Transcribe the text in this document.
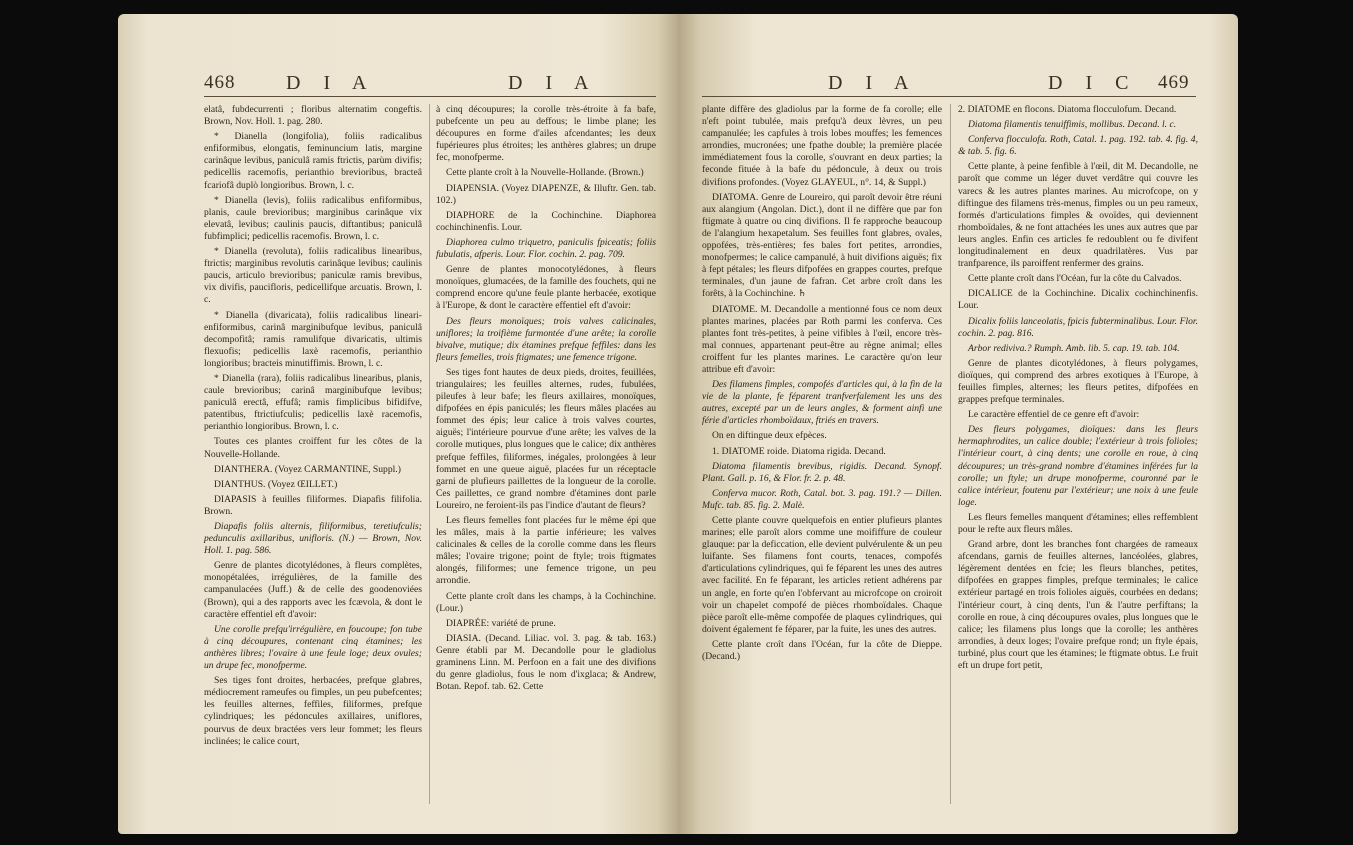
468	D I A	D I A

elatâ, fubdecurrenti ; floribus alternatim congeftis. Brown, Nov. Holl. 1. pag. 280.

* Dianella (longifolia), foliis radicalibus enfiformibus, elongatis, feminuncium latis, margine carinâque levibus, paniculâ ramis ftrictis, parùm divifis; pedicellis racemofis, perianthio brevioribus, bracteâ fcariofâ duplò longioribus. Brown, l. c.

* Dianella (levis), foliis radicalibus enfiformibus, planis, caule brevioribus; marginibus carinâque vix elevatâ, levibus; caulinis paucis, diftantibus; paniculâ fubfimplici; pedicellis racemofis. Brown, l. c.

* Dianella (revoluta), foliis radicalibus linearibus, ftrictis; marginibus revolutis carinâque levibus; caulinis paucis, articulo brevioribus; paniculæ ramis brevibus, vix divifis, paucifloris, pedicellifque arcuatis. Brown, l. c.

* Dianella (divaricata), foliis radicalibus lineari-enfiformibus, carinâ marginibufque levibus, paniculâ decompofitâ; ramis ramulifque divaricatis, ultimis flexuofis; pedicellis laxè racemofis, perianthio longioribus; bracteis minutiffimis. Brown, l. c.

* Dianella (rara), foliis radicalibus linearibus, planis, caule brevioribus; carinâ marginibufque levibus; paniculâ erectâ, effufâ; ramis fimplicibus bifidifve, patentibus, ftrictiufculis; pedicellis laxè racemofis, perianthio longioribus. Brown, l. c.

Toutes ces plantes croiffent fur les côtes de la Nouvelle-Hollande.

DIANTHERA. (Voyez CARMANTINE, Suppl.)

DIANTHUS. (Voyez ŒILLET.)

DIAPASIS à feuilles filiformes. Diapafis filifolia. Brown.

Diapafis foliis alternis, filiformibus, teretiufculis; pedunculis axillaribus, unifloris. (N.) — Brown, Nov. Holl. 1. pag. 586.

Genre de plantes dicotylédones, à fleurs complètes, monopétalées, irrégulières, de la famille des campanulacées (Juff.) & de celle des goodenoviées (Brown), qui a des rapports avec les fcævola, & dont le caractère effentiel eft d'avoir:

Une corolle prefqu'irrégulière, en foucoupe; fon tube à cinq découpures, contenant cinq étamines; les anthères libres; l'ovaire à une feule loge; deux ovules; un drupe fec, monofperme.

Ses tiges font droites, herbacées, prefque glabres, médiocrement rameufes ou fimples, un peu pubefcentes; les feuilles alternes, feffiles, filiformes, prefque cylindriques; les pédoncules axillaires, uniflores, pourvus de deux bractées vers leur fommet; les fleurs inclinées; le calice court,

à cinq découpures; la corolle très-étroite à fa bafe, pubefcente un peu au deffous; le limbe plane; les découpures en forme d'ailes afcendantes; les deux fupérieures plus étroites; les anthères glabres; un drupe fec, monofperme.

Cette plante croît à la Nouvelle-Hollande. (Brown.)

DIAPENSIA. (Voyez DIAPENZE, & Illuftr. Gen. tab. 102.)

DIAPHORE de la Cochinchine. Diaphorea cochinchinenfis. Lour.

Diaphorea culmo triquetro, paniculis fpiceatis; foliis fubulatis, afperis. Lour. Flor. cochin. 2. pag. 709.

Genre de plantes monocotylédones, à fleurs monoïques, glumacées, de la famille des fouchets, qui ne comprend encore qu'une feule plante herbacée, exotique à l'Europe, & dont le caractère effentiel eft d'avoir:

Des fleurs monoïques; trois valves calicinales, uniflores; la troifième furmontée d'une arête; la corolle bivalve, mutique; dix étamines prefque feffiles: dans les fleurs femelles, trois ftigmates; une femence trigone.

Ses tiges font hautes de deux pieds, droites, feuillées, triangulaires; les feuilles alternes, rudes, fubulées, pileufes à leur bafe; les fleurs axillaires, monoïques, difpofées en épis paniculés; les fleurs mâles placées au fommet des épis; leur calice à trois valves courtes, aiguës; l'intérieure pourvue d'une arête; les valves de la corolle mutiques, plus longues que le calice; dix anthères prefque feffiles, filiformes, inégales, prolongées à leur fommet en une queue aiguë, placées fur un réceptacle garni de plufieurs paillettes de la longueur de la corolle. Ces paillettes, ce grand nombre d'étamines dont parle Loureiro, ne feroient-ils pas l'indice d'autant de fleurs?

Les fleurs femelles font placées fur le même épi que les mâles, mais à la partie inférieure; les valves calicinales & celles de la corolle comme dans les fleurs mâles; l'ovaire trigone; point de ftyle; trois ftigmates alongés, filiformes; une femence trigone, un peu arrondie.

Cette plante croît dans les champs, à la Cochinchine. (Lour.)

DIAPRÉE: variété de prune.

DIASIA. (Decand. Liliac. vol. 3. pag. & tab. 163.) Genre établi par M. Decandolle pour le gladiolus graminens Linn. M. Perfoon en a fait une des divifions du genre gladiolus, fous le nom d'ixglaca; & Andrew, Botan. Repof. tab. 62. Cette

D I A	D I C 469

plante diffère des gladiolus par la forme de fa corolle; elle n'eft point tubulée, mais prefqu'à deux lèvres, un peu campanulée; les capfules à trois lobes mouffes; les femences arrondies, mucronées; une fpathe double; la première placée immédiatement fous la corolle, s'ouvrant en deux parties; la feconde fituée à la bafe du pédoncule, à deux ou trois divifions profondes. (Voyez GLAYEUL, n°. 14, & Suppl.)

DIATOMA. Genre de Loureiro, qui paroît devoir être réuni aux alangium (Angolan. Dict.), dont il ne diffère que par fon ftigmate à quatre ou cinq divifions. Il fe rapproche beaucoup de l'alangium hexapetalum. Ses feuilles font glabres, ovales, oppofées, très-entières; fes bales fort petites, arrondies, monofpermes; le calice campanulé, à huit divifions aiguës; fix à fept pétales; les fleurs difpofées en grappes courtes, prefque terminales, d'un jaune de fafran. Cet arbre croît dans les forêts, à la Cochinchine. ♄

DIATOME. M. Decandolle a mentionné fous ce nom deux plantes marines, placées par Roth parmi les conferva. Ces plantes font très-petites, à peine vifibles à l'œil, encore très-mal connues, appartenant peut-être au règne animal; elles croiffent fur les plantes marines. Le caractère qu'on leur attribue eft d'avoir:

Des filamens fimples, compofés d'articles qui, à la fin de la vie de la plante, fe féparent tranfverfalement les uns des autres, excepté par un de leurs angles, & forment ainfi une férie d'articles rhomboïdaux, ftriés en travers.

On en diftingue deux efpèces.

1. DIATOME roide. Diatoma rigida. Decand.

Diatoma filamentis brevibus, rigidis. Decand. Synopf. Plant. Gall. p. 16, & Flor. fr. 2. p. 48.

Conferva mucor. Roth, Catal. bot. 3. pag. 191.? — Dillen. Mufc. tab. 85. fig. 2. Malè.

Cette plante couvre quelquefois en entier plufieurs plantes marines; elle paroît alors comme une moififfure de couleur glauque: par la deficcation, elle devient pulvérulente & un peu luifante. Ses filamens font courts, tenaces, compofés d'articulations cylindriques, qui fe féparent les unes des autres avec facilité. En fe féparant, les articles retient adhérens par un angle, en forte qu'en l'obfervant au microfcope on croiroit voir un chapelet compofé de pièces rhomboïdales. Chaque pièce paroît elle-même compofée de plaques cylindriques, qui doivent également fe féparer, par la fuite, les unes des autres.

Cette plante croît dans l'Océan, fur la côte de Dieppe. (Decand.)

2. DIATOME en flocons. Diatoma flocculofum. Decand.

Diatoma filamentis tenuiffimis, mollibus. Decand. l. c.

Conferva flocculofa. Roth, Catal. 1. pag. 192. tab. 4. fig. 4, & tab. 5. fig. 6.

Cette plante, à peine fenfible à l'œil, dit M. Decandolle, ne paroît que comme un léger duvet verdâtre qui couvre les varecs & les autres plantes marines. Au microfcope, on y diftingue des filamens très-menus, fimples ou un peu rameux, formés d'articulations fimples & ovoïdes, qui deviennent rhomboïdales, & ne font attachées les unes aux autres que par leurs angles. Enfin ces articles fe redoublent ou fe divifent longitudinalement en deux quadrilatères. Vus par tranfparence, ils paroiffent renfermer des grains.

Cette plante croît dans l'Océan, fur la côte du Calvados.

DICALICE de la Cochinchine. Dicalix cochinchinenfis. Lour.

Dicalix foliis lanceolatis, fpicis fubterminalibus. Lour. Flor. cochin. 2. pag. 816.

Arbor rediviva.? Rumph. Amb. lib. 5. cap. 19. tab. 104.

Genre de plantes dicotylédones, à fleurs polygames, dioïques, qui comprend des arbres exotiques à l'Europe, à feuilles fimples, alternes; les fleurs petites, difpofées en grappes prefque terminales.

Le caractère effentiel de ce genre eft d'avoir:

Des fleurs polygames, dioïques: dans les fleurs hermaphrodites, un calice double; l'extérieur à trois folioles; l'intérieur court, à cinq dents; une corolle en roue, à cinq découpures; un très-grand nombre d'étamines inférées fur la corolle; un ftyle; un drupe monofperme, couronné par le calice intérieur, foutenu par l'extérieur; une noix à une feule loge.

Les fleurs femelles manquent d'étamines; elles reffemblent pour le refte aux fleurs mâles.

Grand arbre, dont les branches font chargées de rameaux afcendans, garnis de feuilles alternes, lancéolées, glabres, légèrement dentées en fcie; les fleurs blanches, petites, difpofées en grappes fimples, prefque terminales; le calice extérieur partagé en trois folioles aiguës, courbées en dedans; l'intérieur court, à cinq dents, l'un & l'autre perfiftans; la corolle en roue, à cinq découpures ovales, plus longues que le calice; les filamens plus longs que la corolle; les anthères arrondies, à deux loges; l'ovaire prefque rond; un ftyle épais, turbiné, plus court que les étamines; le ftigmate obtus. Le fruit eft un drupe fort petit,
